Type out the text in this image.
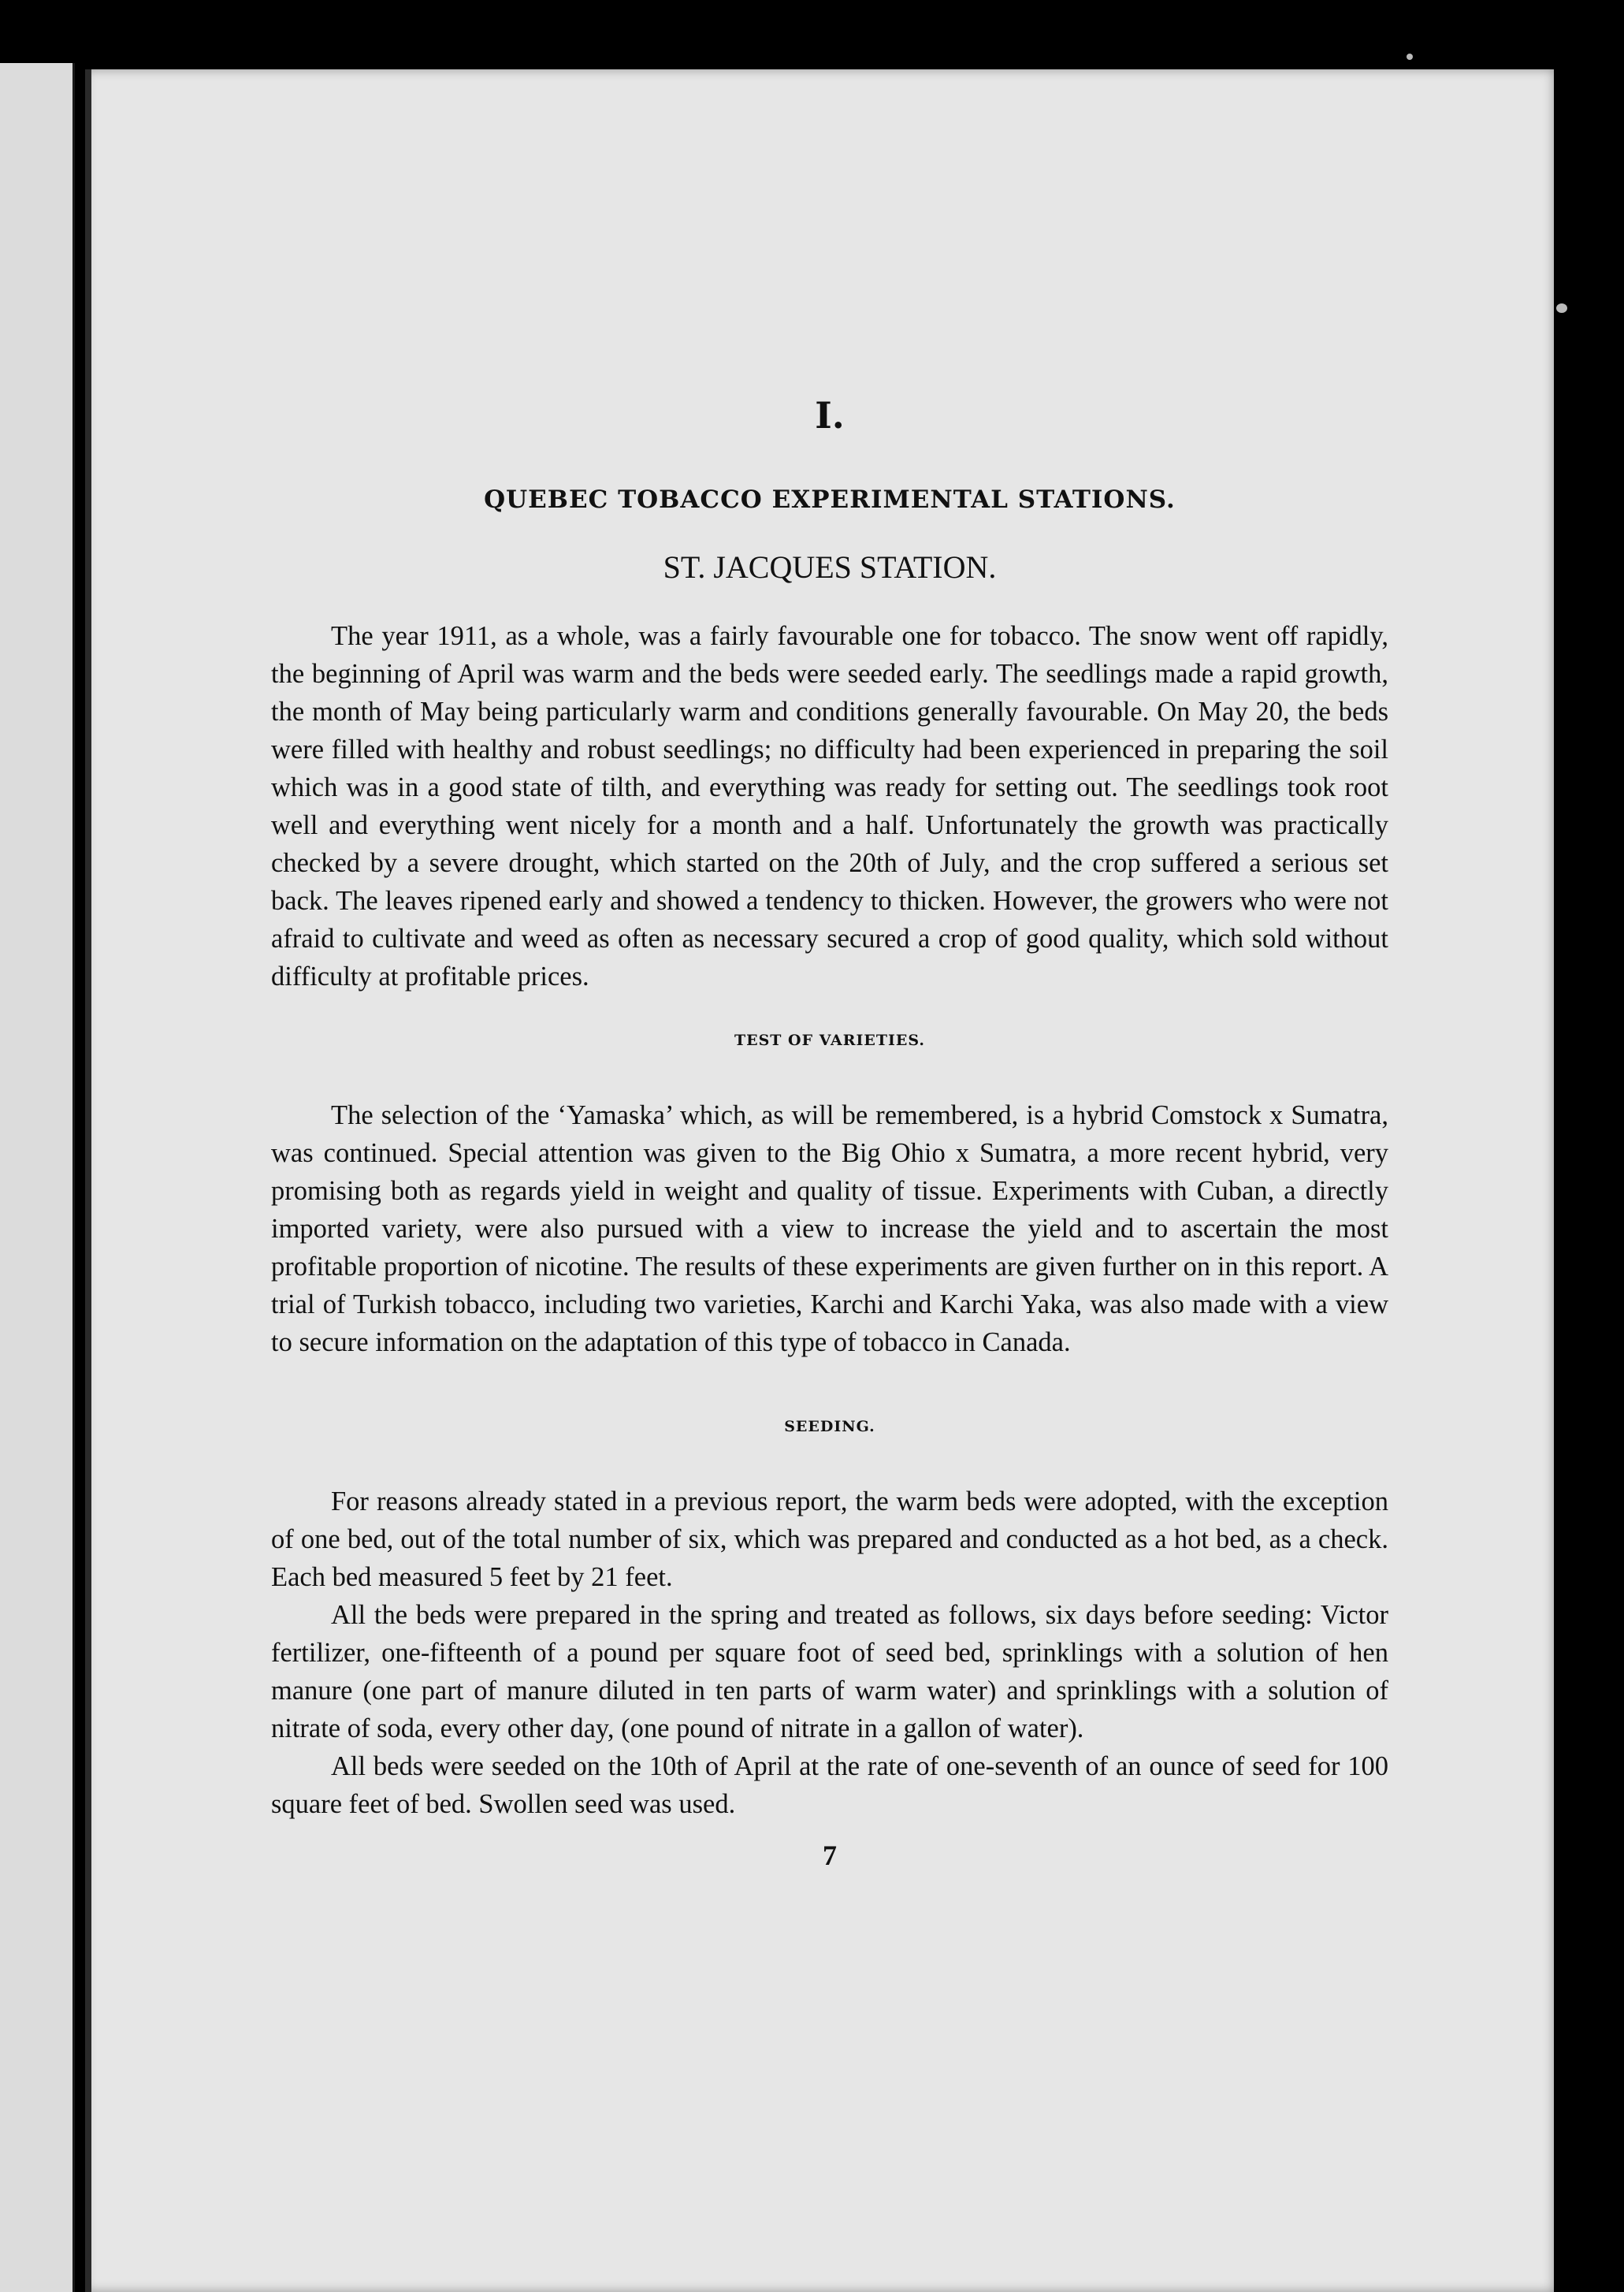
I.
QUEBEC TOBACCO EXPERIMENTAL STATIONS.
ST. JACQUES STATION.

The year 1911, as a whole, was a fairly favourable one for tobacco. The snow went off rapidly, the beginning of April was warm and the beds were seeded early. The seedlings made a rapid growth, the month of May being particularly warm and conditions generally favourable. On May 20, the beds were filled with healthy and robust seedlings; no difficulty had been experienced in preparing the soil which was in a good state of tilth, and everything was ready for setting out. The seedlings took root well and everything went nicely for a month and a half. Unfortunately the growth was practically checked by a severe drought, which started on the 20th of July, and the crop suffered a serious set back. The leaves ripened early and showed a tendency to thicken. However, the growers who were not afraid to cultivate and weed as often as necessary secured a crop of good quality, which sold without difficulty at profitable prices.

TEST OF VARIETIES.

The selection of the ‘Yamaska’ which, as will be remembered, is a hybrid Comstock x Sumatra, was continued. Special attention was given to the Big Ohio x Sumatra, a more recent hybrid, very promising both as regards yield in weight and quality of tissue. Experiments with Cuban, a directly imported variety, were also pursued with a view to increase the yield and to ascertain the most profitable proportion of nicotine. The results of these experiments are given further on in this report. A trial of Turkish tobacco, including two varieties, Karchi and Karchi Yaka, was also made with a view to secure information on the adaptation of this type of tobacco in Canada.

SEEDING.

For reasons already stated in a previous report, the warm beds were adopted, with the exception of one bed, out of the total number of six, which was prepared and conducted as a hot bed, as a check. Each bed measured 5 feet by 21 feet.

All the beds were prepared in the spring and treated as follows, six days before seeding: Victor fertilizer, one-fifteenth of a pound per square foot of seed bed, sprinklings with a solution of hen manure (one part of manure diluted in ten parts of warm water) and sprinklings with a solution of nitrate of soda, every other day, (one pound of nitrate in a gallon of water).

All beds were seeded on the 10th of April at the rate of one-seventh of an ounce of seed for 100 square feet of bed. Swollen seed was used.

7
